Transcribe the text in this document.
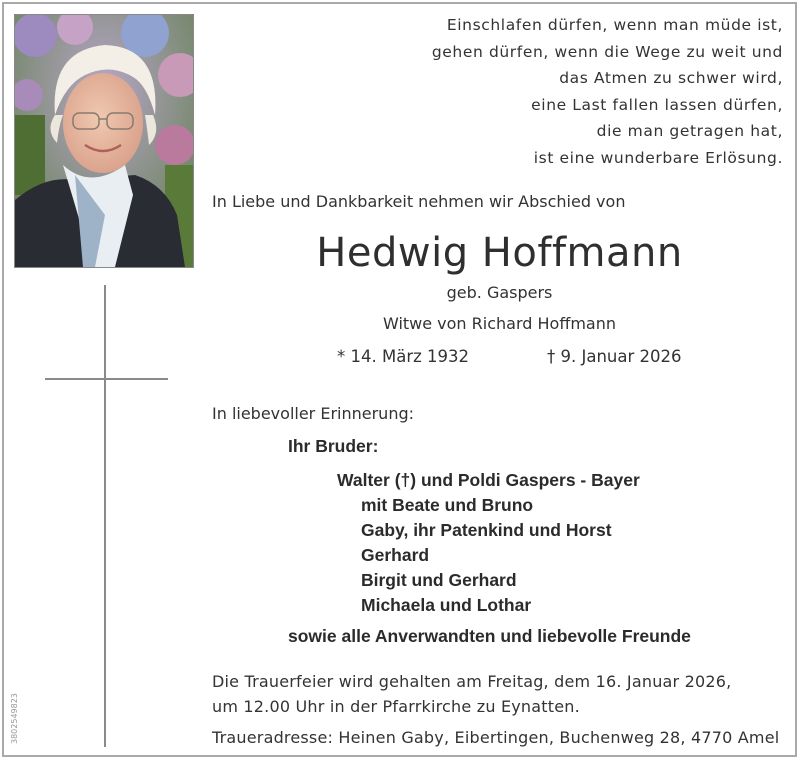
Einschlafen dürfen, wenn man müde ist,
gehen dürfen, wenn die Wege zu weit und
das Atmen zu schwer wird,
eine Last fallen lassen dürfen,
die man getragen hat,
ist eine wunderbare Erlösung.
In Liebe und Dankbarkeit nehmen wir Abschied von
Hedwig Hoffmann
geb. Gaspers
Witwe von Richard Hoffmann
* 14. März 1932	† 9. Januar 2026
In liebevoller Erinnerung:
Ihr Bruder:
Walter (†) und Poldi Gaspers - Bayer
mit Beate und Bruno
Gaby, ihr Patenkind und Horst
Gerhard
Birgit und Gerhard
Michaela und Lothar
sowie alle Anverwandten und liebevolle Freunde
Die Trauerfeier wird gehalten am Freitag, dem 16. Januar 2026,
um 12.00 Uhr in der Pfarrkirche zu Eynatten.
Traueradresse: Heinen Gaby, Eibertingen, Buchenweg 28, 4770 Amel
3802549823
